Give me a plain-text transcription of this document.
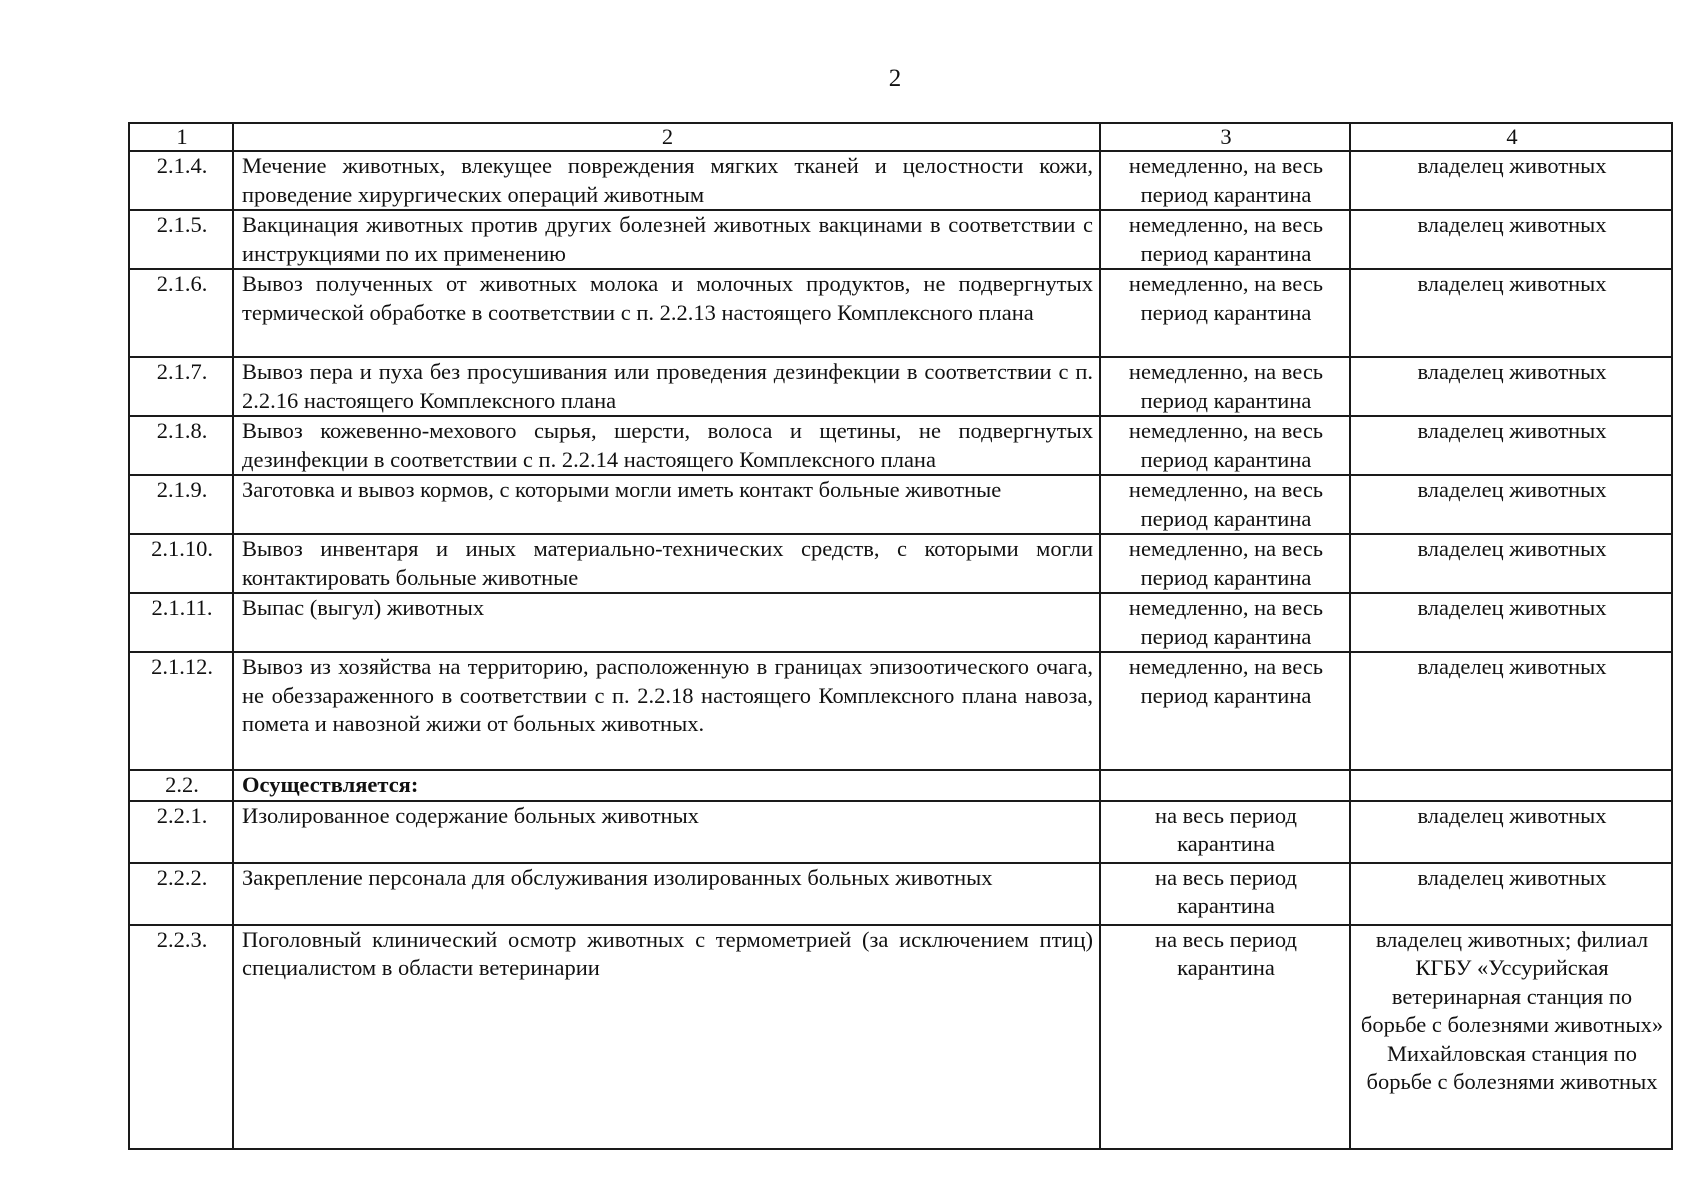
2
1	2	3	4
2.1.4.	Мечение животных, влекущее повреждения мягких тканей и целостности кожи, проведение хирургических операций животным	немедленно, на весь период карантина	владелец животных
2.1.5.	Вакцинация животных против других болезней животных вакцинами в соответствии с инструкциями по их применению	немедленно, на весь период карантина	владелец животных
2.1.6.	Вывоз полученных от животных молока и молочных продуктов, не подвергнутых термической обработке в соответствии с п. 2.2.13 настоящего Комплексного плана	немедленно, на весь период карантина	владелец животных
2.1.7.	Вывоз пера и пуха без просушивания или проведения дезинфекции в соответствии с п. 2.2.16 настоящего Комплексного плана	немедленно, на весь период карантина	владелец животных
2.1.8.	Вывоз кожевенно-мехового сырья, шерсти, волоса и щетины, не подвергнутых дезинфекции в соответствии с п. 2.2.14 настоящего Комплексного плана	немедленно, на весь период карантина	владелец животных
2.1.9.	Заготовка и вывоз кормов, с которыми могли иметь контакт больные животные	немедленно, на весь период карантина	владелец животных
2.1.10.	Вывоз инвентаря и иных материально-технических средств, с которыми могли контактировать больные животные	немедленно, на весь период карантина	владелец животных
2.1.11.	Выпас (выгул) животных	немедленно, на весь период карантина	владелец животных
2.1.12.	Вывоз из хозяйства на территорию, расположенную в границах эпизоотического очага, не обеззараженного в соответствии с п. 2.2.18 настоящего Комплексного плана навоза, помета и навозной жижи от больных животных.	немедленно, на весь период карантина	владелец животных
2.2.	Осуществляется:		
2.2.1.	Изолированное содержание больных животных	на весь период карантина	владелец животных
2.2.2.	Закрепление персонала для обслуживания изолированных больных животных	на весь период карантина	владелец животных
2.2.3.	Поголовный клинический осмотр животных с термометрией (за исключением птиц) специалистом в области ветеринарии	на весь период карантина	владелец животных; филиал КГБУ «Уссурийская ветеринарная станция по борьбе с болезнями животных» Михайловская станция по борьбе с болезнями животных
